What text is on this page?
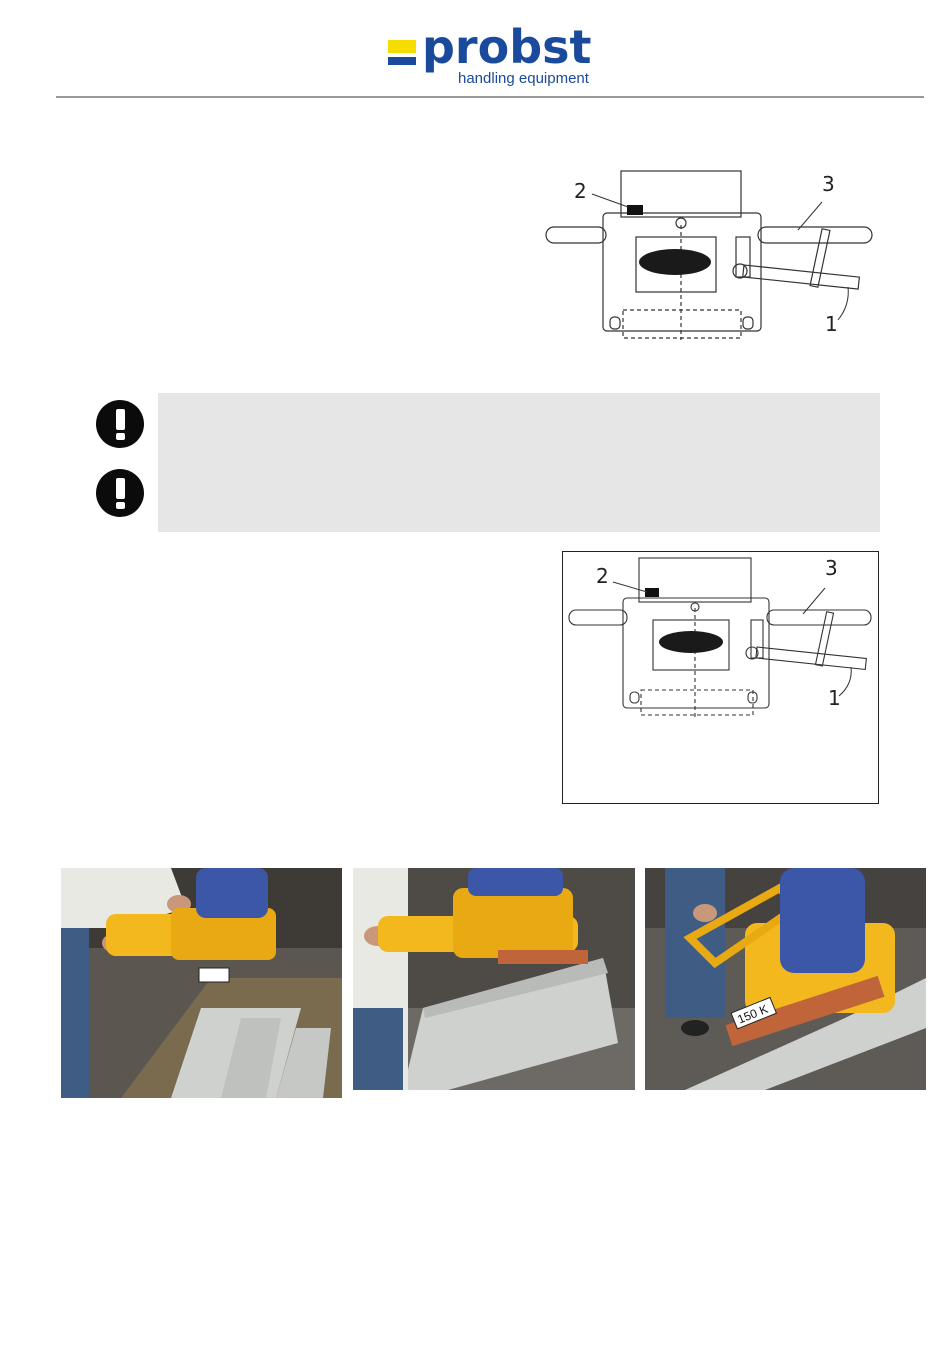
probst
handling equipment
2	3
1
2	3
1
150 K
